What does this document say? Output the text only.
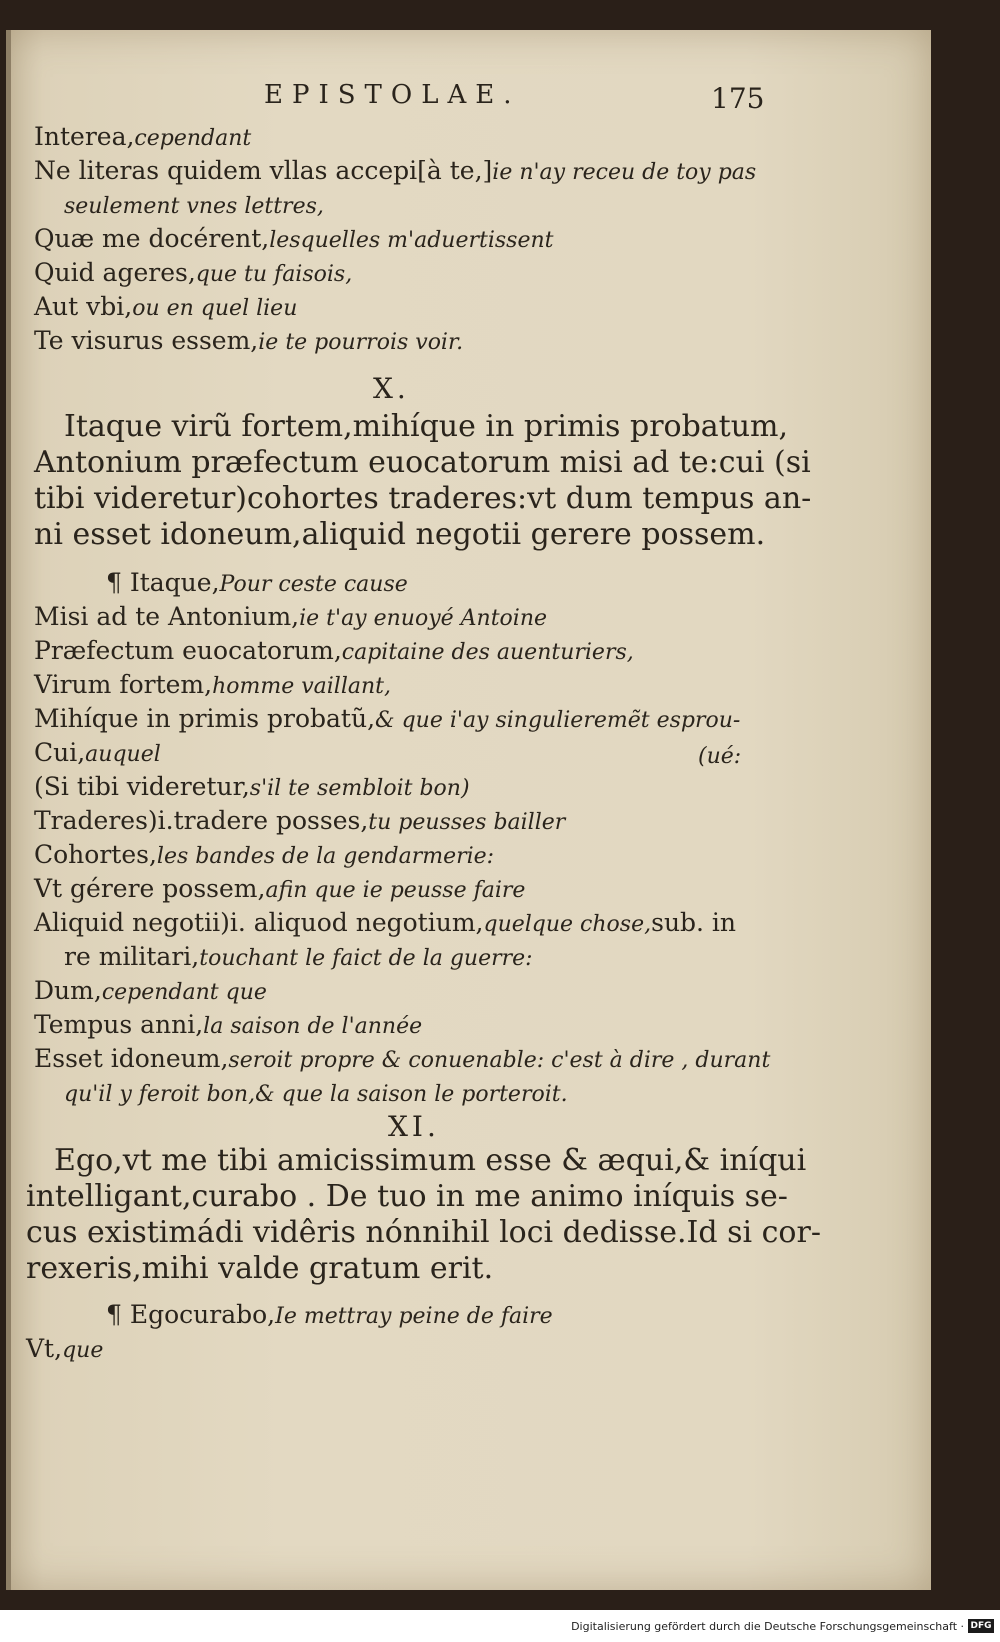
EPISTOLAE.	175
Interea,cependant
Ne literas quidem vllas accepi[à te,]ie n'ay receu de toy pas
seulement vnes lettres,
Quæ me docérent,lesquelles m'aduertissent
Quid ageres,que tu faisois,
Aut vbi,ou en quel lieu
Te visurus essem,ie te pourrois voir.
X.
Itaque virũ fortem,mihíque in primis probatum,
Antonium præfectum euocatorum misi ad te:cui (si
tibi videretur)cohortes traderes:vt dum tempus an-
ni esset idoneum,aliquid negotii gerere possem.
¶ Itaque,Pour ceste cause
Misi ad te Antonium,ie t'ay enuoyé Antoine
Præfectum euocatorum,capitaine des auenturiers,
Virum fortem,homme vaillant,
Mihíque in primis probatũ,& que i'ay singulieremẽt esprou-
Cui,auquel	(ué:
(Si tibi videretur,s'il te sembloit bon)
Traderes)i.tradere posses,tu peusses bailler
Cohortes,les bandes de la gendarmerie:
Vt gérere possem,afin que ie peusse faire
Aliquid negotii)i. aliquod negotium,quelque chose,sub. in
re militari,touchant le faict de la guerre:
Dum,cependant que
Tempus anni,la saison de l'année
Esset idoneum,seroit propre & conuenable: c'est à dire , durant
qu'il y feroit bon,& que la saison le porteroit.
XI.
Ego,vt me tibi amicissimum esse & æqui,& iníqui
intelligant,curabo . De tuo in me animo iníquis se-
cus existimádi vidêris nónnihil loci dedisse.Id si cor-
rexeris,mihi valde gratum erit.
¶ Egocurabo,Ie mettray peine de faire
Vt,que
Digitalisierung gefördert durch die Deutsche Forschungsgemeinschaft · DFG
